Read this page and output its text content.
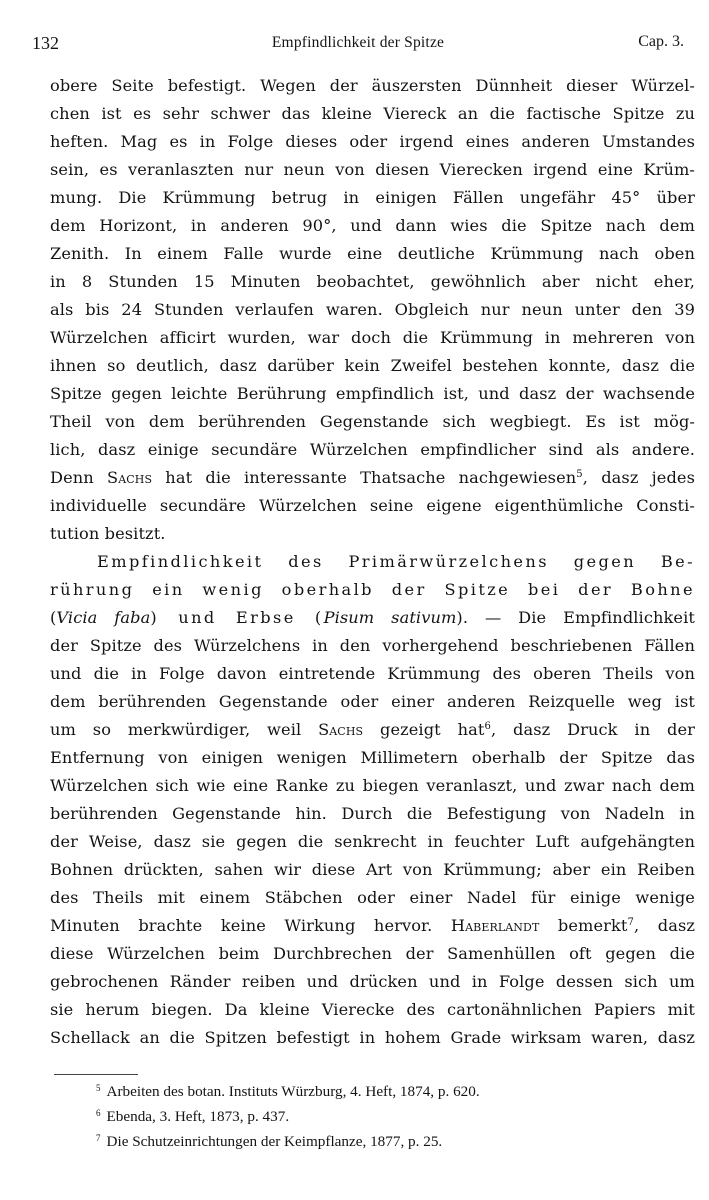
132	Empfindlichkeit der Spitze	Cap. 3.
obere Seite befestigt. Wegen der äuszersten Dünnheit dieser Würzel-
chen ist es sehr schwer das kleine Viereck an die factische Spitze zu
heften. Mag es in Folge dieses oder irgend eines anderen Umstandes
sein, es veranlaszten nur neun von diesen Vierecken irgend eine Krüm-
mung. Die Krümmung betrug in einigen Fällen ungefähr 45° über
dem Horizont, in anderen 90°, und dann wies die Spitze nach dem
Zenith. In einem Falle wurde eine deutliche Krümmung nach oben
in 8 Stunden 15 Minuten beobachtet, gewöhnlich aber nicht eher,
als bis 24 Stunden verlaufen waren. Obgleich nur neun unter den 39
Würzelchen afficirt wurden, war doch die Krümmung in mehreren von
ihnen so deutlich, dasz darüber kein Zweifel bestehen konnte, dasz die
Spitze gegen leichte Berührung empfindlich ist, und dasz der wachsende
Theil von dem berührenden Gegenstande sich wegbiegt. Es ist mög-
lich, dasz einige secundäre Würzelchen empfindlicher sind als andere.
Denn Sachs hat die interessante Thatsache nachgewiesen$^5$, dasz jedes
individuelle secundäre Würzelchen seine eigene eigenthümliche Consti-
tution besitzt.
Empfindlichkeit des Primärwürzelchens gegen Be-
rührung ein wenig oberhalb der Spitze bei der Bohne
(Vicia faba) und Erbse (Pisum sativum). — Die Empfindlichkeit
der Spitze des Würzelchens in den vorhergehend beschriebenen Fällen
und die in Folge davon eintretende Krümmung des oberen Theils von
dem berührenden Gegenstande oder einer anderen Reizquelle weg ist
um so merkwürdiger, weil Sachs gezeigt hat$^6$, dasz Druck in der
Entfernung von einigen wenigen Millimetern oberhalb der Spitze das
Würzelchen sich wie eine Ranke zu biegen veranlaszt, und zwar nach dem
berührenden Gegenstande hin. Durch die Befestigung von Nadeln in
der Weise, dasz sie gegen die senkrecht in feuchter Luft aufgehängten
Bohnen drückten, sahen wir diese Art von Krümmung; aber ein Reiben
des Theils mit einem Stäbchen oder einer Nadel für einige wenige
Minuten brachte keine Wirkung hervor. Haberlandt bemerkt$^7$, dasz
diese Würzelchen beim Durchbrechen der Samenhüllen oft gegen die
gebrochenen Ränder reiben und drücken und in Folge dessen sich um
sie herum biegen. Da kleine Vierecke des cartonähnlichen Papiers mit
Schellack an die Spitzen befestigt in hohem Grade wirksam waren, dasz
$^5$ Arbeiten des botan. Instituts Würzburg, 4. Heft, 1874, p. 620.
$^6$ Ebenda, 3. Heft, 1873, p. 437.
$^7$ Die Schutzeinrichtungen der Keimpflanze, 1877, p. 25.
